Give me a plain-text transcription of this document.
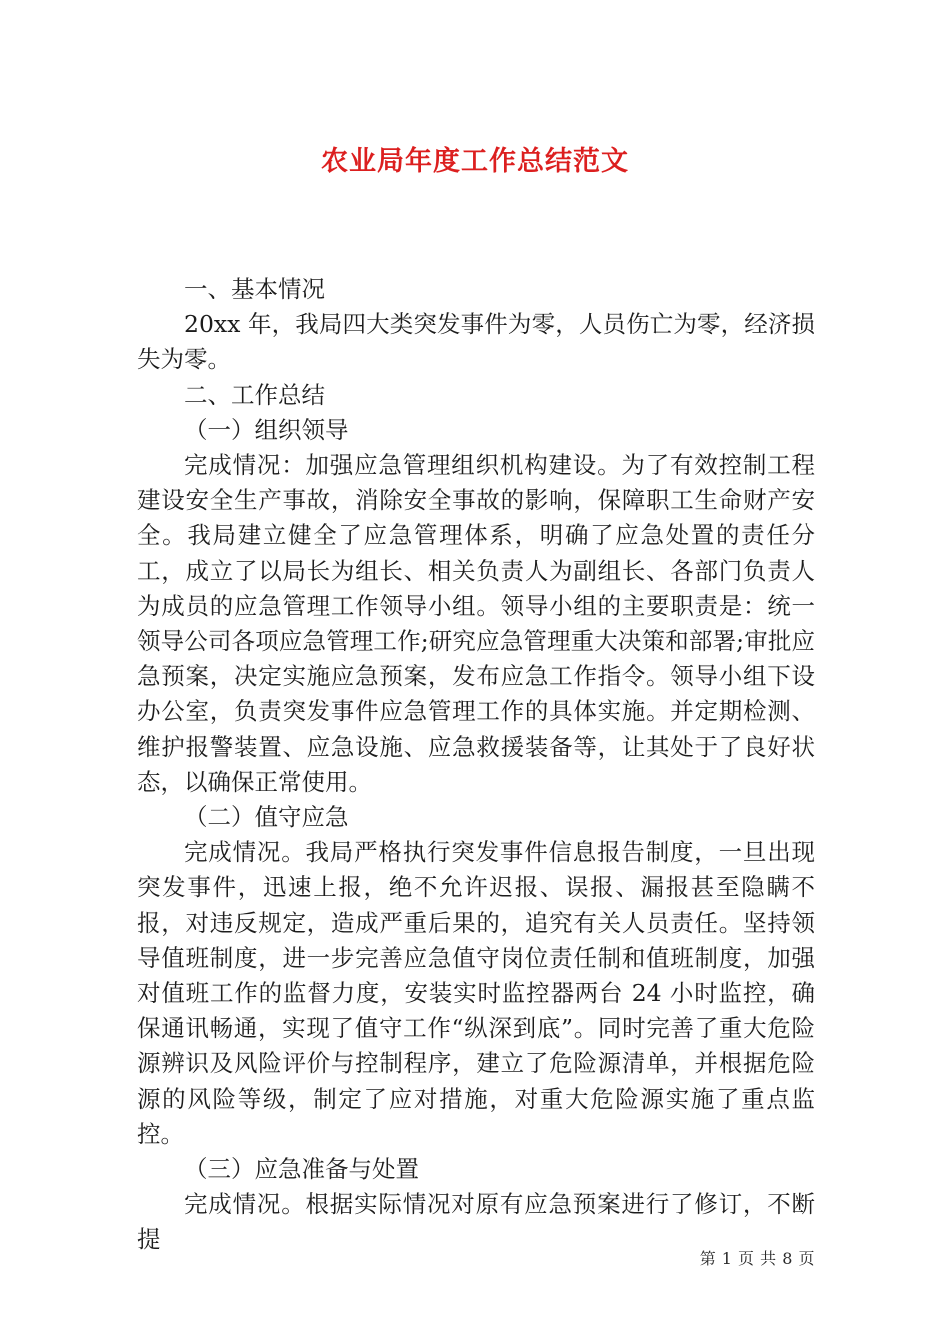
农业局年度工作总结范文

一、基本情况

20xx 年，我局四大类突发事件为零，人员伤亡为零，经济损失为零。

二、工作总结

（一）组织领导

完成情况：加强应急管理组织机构建设。为了有效控制工程建设安全生产事故，消除安全事故的影响，保障职工生命财产安全。我局建立健全了应急管理体系，明确了应急处置的责任分工，成立了以局长为组长、相关负责人为副组长、各部门负责人为成员的应急管理工作领导小组。领导小组的主要职责是：统一领导公司各项应急管理工作;研究应急管理重大决策和部署;审批应急预案，决定实施应急预案，发布应急工作指令。领导小组下设办公室，负责突发事件应急管理工作的具体实施。并定期检测、维护报警装置、应急设施、应急救援装备等，让其处于了良好状态，以确保正常使用。

（二）值守应急

完成情况。我局严格执行突发事件信息报告制度，一旦出现突发事件，迅速上报，绝不允许迟报、误报、漏报甚至隐瞒不报，对违反规定，造成严重后果的，追究有关人员责任。坚持领导值班制度，进一步完善应急值守岗位责任制和值班制度，加强对值班工作的监督力度，安装实时监控器两台 24 小时监控，确保通讯畅通，实现了值守工作“纵深到底”。同时完善了重大危险源辨识及风险评价与控制程序，建立了危险源清单，并根据危险源的风险等级，制定了应对措施，对重大危险源实施了重点监控。

（三）应急准备与处置

完成情况。根据实际情况对原有应急预案进行了修订，不断提

第 1 页 共 8 页
